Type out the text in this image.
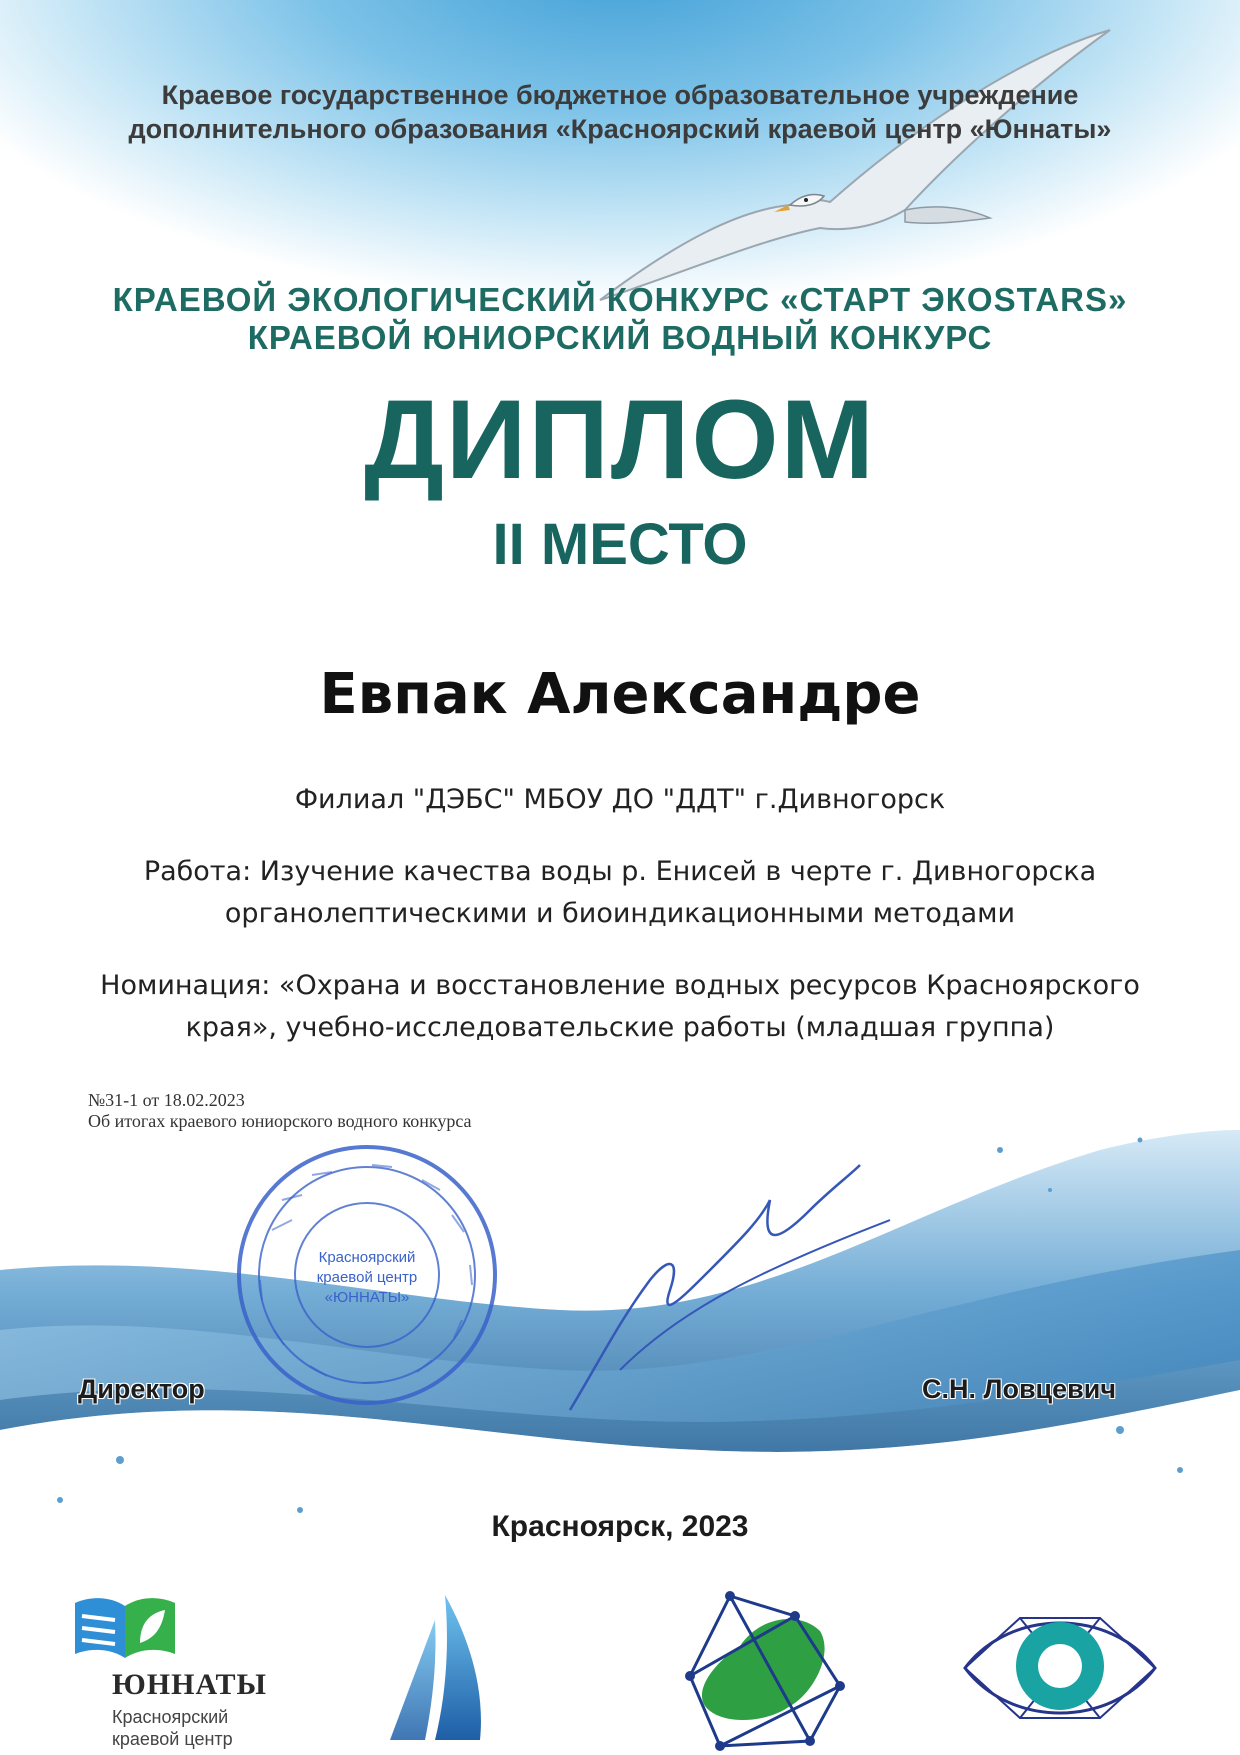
Краевое государственное бюджетное образовательное учреждение
дополнительного образования «Красноярский краевой центр «Юннаты»
КРАЕВОЙ ЭКОЛОГИЧЕСКИЙ КОНКУРС «СТАРТ ЭКОSTARS»
КРАЕВОЙ ЮНИОРСКИЙ ВОДНЫЙ КОНКУРС
ДИПЛОМ
II МЕСТО
Евпак Александре
Филиал "ДЭБС" МБОУ ДО "ДДТ" г.Дивногорск
Работа: Изучение качества воды р. Енисей в черте г. Дивногорска
органолептическими и биоиндикационными методами
Номинация: «Охрана и восстановление водных ресурсов Красноярского
края», учебно-исследовательские работы (младшая группа)
№31-1 от 18.02.2023
Об итогах краевого юниорского водного конкурса
Красноярский
краевой центр
«ЮННАТЫ»
Директор	С.Н. Ловцевич
Красноярск, 2023
ЮННАТЫ
Красноярский
краевой центр
